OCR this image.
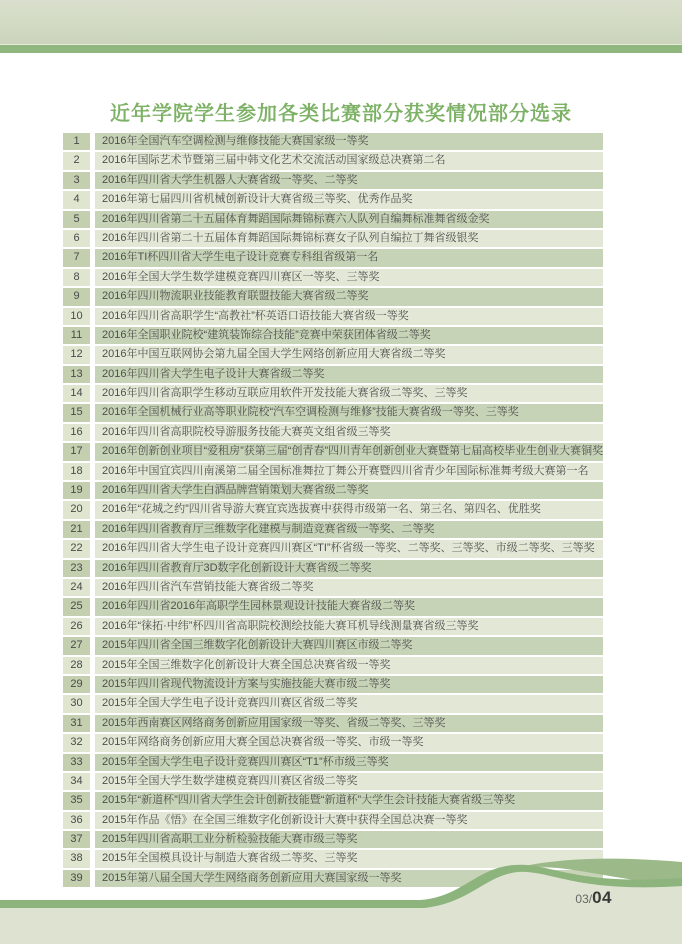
近年学院学生参加各类比赛部分获奖情况部分选录
1	2016年全国汽车空调检测与维修技能大赛国家级一等奖
2	2016年国际艺术节暨第三届中韩文化艺术交流活动国家级总决赛第二名
3	2016年四川省大学生机器人大赛省级一等奖、二等奖
4	2016年第七届四川省机械创新设计大赛省级三等奖、优秀作品奖
5	2016年四川省第二十五届体育舞蹈国际舞锦标赛六人队列自编舞标准舞省级金奖
6	2016年四川省第二十五届体育舞蹈国际舞锦标赛女子队列自编拉丁舞省级银奖
7	2016年TI杯四川省大学生电子设计竞赛专科组省级第一名
8	2016年全国大学生数学建模竞赛四川赛区一等奖、三等奖
9	2016年四川物流职业技能教育联盟技能大赛省级二等奖
10	2016年四川省高职学生“高教社”杯英语口语技能大赛省级一等奖
11	2016年全国职业院校“建筑装饰综合技能”竞赛中荣获团体省级二等奖
12	2016年中国互联网协会第九届全国大学生网络创新应用大赛省级二等奖
13	2016年四川省大学生电子设计大赛省级二等奖
14	2016年四川省高职学生移动互联应用软件开发技能大赛省级二等奖、三等奖
15	2016年全国机械行业高等职业院校“汽车空调检测与维修”技能大赛省级一等奖、三等奖
16	2016年四川省高职院校导游服务技能大赛英文组省级三等奖
17	2016年创新创业项目“爱租房”获第三届“创青春”四川青年创新创业大赛暨第七届高校毕业生创业大赛铜奖
18	2016年中国宜宾四川南溪第二届全国标准舞拉丁舞公开赛暨四川省青少年国际标准舞考级大赛第一名
19	2016年四川省大学生白酒品牌营销策划大赛省级二等奖
20	2016年“花城之约”四川省导游大赛宜宾选拔赛中获得市级第一名、第三名、第四名、优胜奖
21	2016年四川省教育厅三维数字化建模与制造竞赛省级一等奖、二等奖
22	2016年四川省大学生电子设计竞赛四川赛区“TI”杯省级一等奖、二等奖、三等奖、市级二等奖、三等奖
23	2016年四川省教育厅3D数字化创新设计大赛省级二等奖
24	2016年四川省汽车营销技能大赛省级二等奖
25	2016年四川省2016年高职学生园林景观设计技能大赛省级二等奖
26	2016年“徕拓·中纬”杯四川省高职院校测绘技能大赛耳机导线测量赛省级三等奖
27	2015年四川省全国三维数字化创新设计大赛四川赛区市级二等奖
28	2015年全国三维数字化创新设计大赛全国总决赛省级一等奖
29	2015年四川省现代物流设计方案与实施技能大赛市级二等奖
30	2015年全国大学生电子设计竞赛四川赛区省级二等奖
31	2015年西南赛区网络商务创新应用国家级一等奖、省级二等奖、三等奖
32	2015年网络商务创新应用大赛全国总决赛省级一等奖、市级一等奖
33	2015年全国大学生电子设计竞赛四川赛区“T1”杯市级三等奖
34	2015年全国大学生数学建模竞赛四川赛区省级二等奖
35	2015年“新道杯”四川省大学生会计创新技能暨“新道杯”大学生会计技能大赛省级三等奖
36	2015年作品《悟》在全国三维数字化创新设计大赛中获得全国总决赛一等奖
37	2015年四川省高职工业分析检验技能大赛市级三等奖
38	2015年全国模具设计与制造大赛省级二等奖、三等奖
39	2015年第八届全国大学生网络商务创新应用大赛国家级一等奖
03/ 04
